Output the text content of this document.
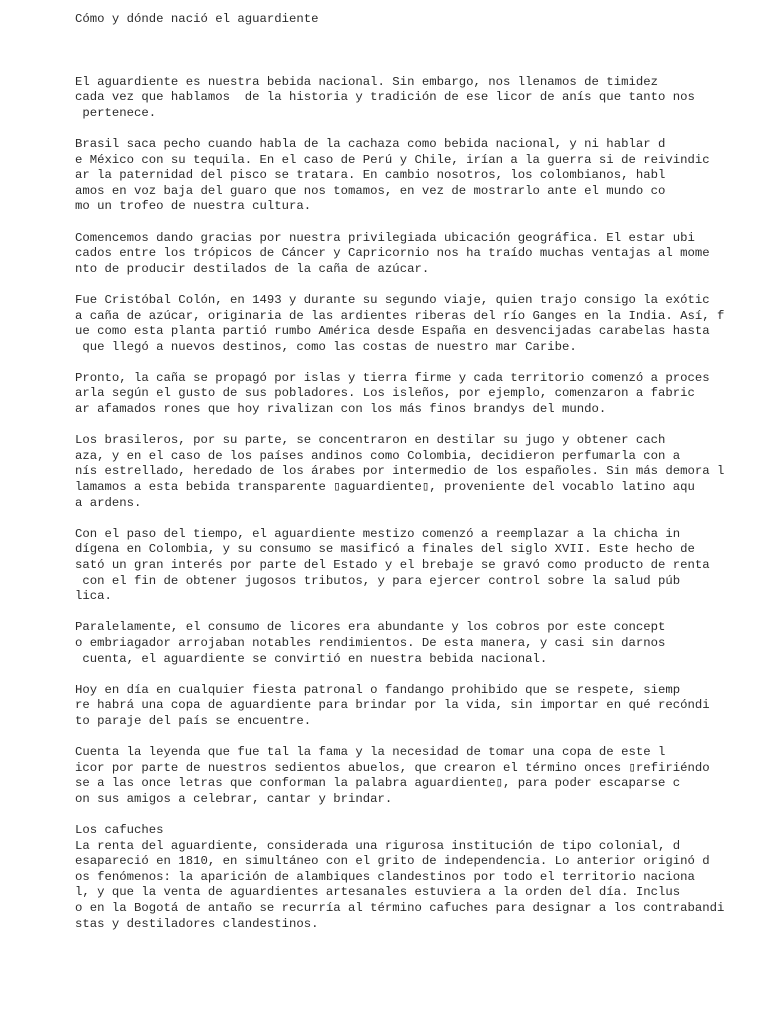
Cómo y dónde nació el aguardiente
El aguardiente es nuestra bebida nacional. Sin embargo, nos llenamos de timidez
cada vez que hablamos  de la historia y tradición de ese licor de anís que tanto nos
pertenece.
Brasil saca pecho cuando habla de la cachaza como bebida nacional, y ni hablar d
e México con su tequila. En el caso de Perú y Chile, irían a la guerra si de reivindic
ar la paternidad del pisco se tratara. En cambio nosotros, los colombianos, habl
amos en voz baja del guaro que nos tomamos, en vez de mostrarlo ante el mundo co
mo un trofeo de nuestra cultura.
Comencemos dando gracias por nuestra privilegiada ubicación geográfica. El estar ubi
cados entre los trópicos de Cáncer y Capricornio nos ha traído muchas ventajas al mome
nto de producir destilados de la caña de azúcar.
Fue Cristóbal Colón, en 1493 y durante su segundo viaje, quien trajo consigo la exótic
a caña de azúcar, originaria de las ardientes riberas del río Ganges en la India. Así, f
ue como esta planta partió rumbo América desde España en desvencijadas carabelas hasta
que llegó a nuevos destinos, como las costas de nuestro mar Caribe.
Pronto, la caña se propagó por islas y tierra firme y cada territorio comenzó a proces
arla según el gusto de sus pobladores. Los isleños, por ejemplo, comenzaron a fabric
ar afamados rones que hoy rivalizan con los más finos brandys del mundo.
Los brasileros, por su parte, se concentraron en destilar su jugo y obtener cach
aza, y en el caso de los países andinos como Colombia, decidieron perfumarla con a
nís estrellado, heredado de los árabes por intermedio de los españoles. Sin más demora l
lamamos a esta bebida transparente ▯aguardiente▯, proveniente del vocablo latino aqu
a ardens.
Con el paso del tiempo, el aguardiente mestizo comenzó a reemplazar a la chicha in
dígena en Colombia, y su consumo se masificó a finales del siglo XVII. Este hecho de
sató un gran interés por parte del Estado y el brebaje se gravó como producto de renta
con el fin de obtener jugosos tributos, y para ejercer control sobre la salud púb
lica.
Paralelamente, el consumo de licores era abundante y los cobros por este concept
o embriagador arrojaban notables rendimientos. De esta manera, y casi sin darnos
cuenta, el aguardiente se convirtió en nuestra bebida nacional.
Hoy en día en cualquier fiesta patronal o fandango prohibido que se respete, siemp
re habrá una copa de aguardiente para brindar por la vida, sin importar en qué recóndi
to paraje del país se encuentre.
Cuenta la leyenda que fue tal la fama y la necesidad de tomar una copa de este l
icor por parte de nuestros sedientos abuelos, que crearon el término onces ▯refiriéndo
se a las once letras que conforman la palabra aguardiente▯, para poder escaparse c
on sus amigos a celebrar, cantar y brindar.
Los cafuches
La renta del aguardiente, considerada una rigurosa institución de tipo colonial, d
esapareció en 1810, en simultáneo con el grito de independencia. Lo anterior originó d
os fenómenos: la aparición de alambiques clandestinos por todo el territorio naciona
l, y que la venta de aguardientes artesanales estuviera a la orden del día. Inclus
o en la Bogotá de antaño se recurría al término cafuches para designar a los contrabandi
stas y destiladores clandestinos.
